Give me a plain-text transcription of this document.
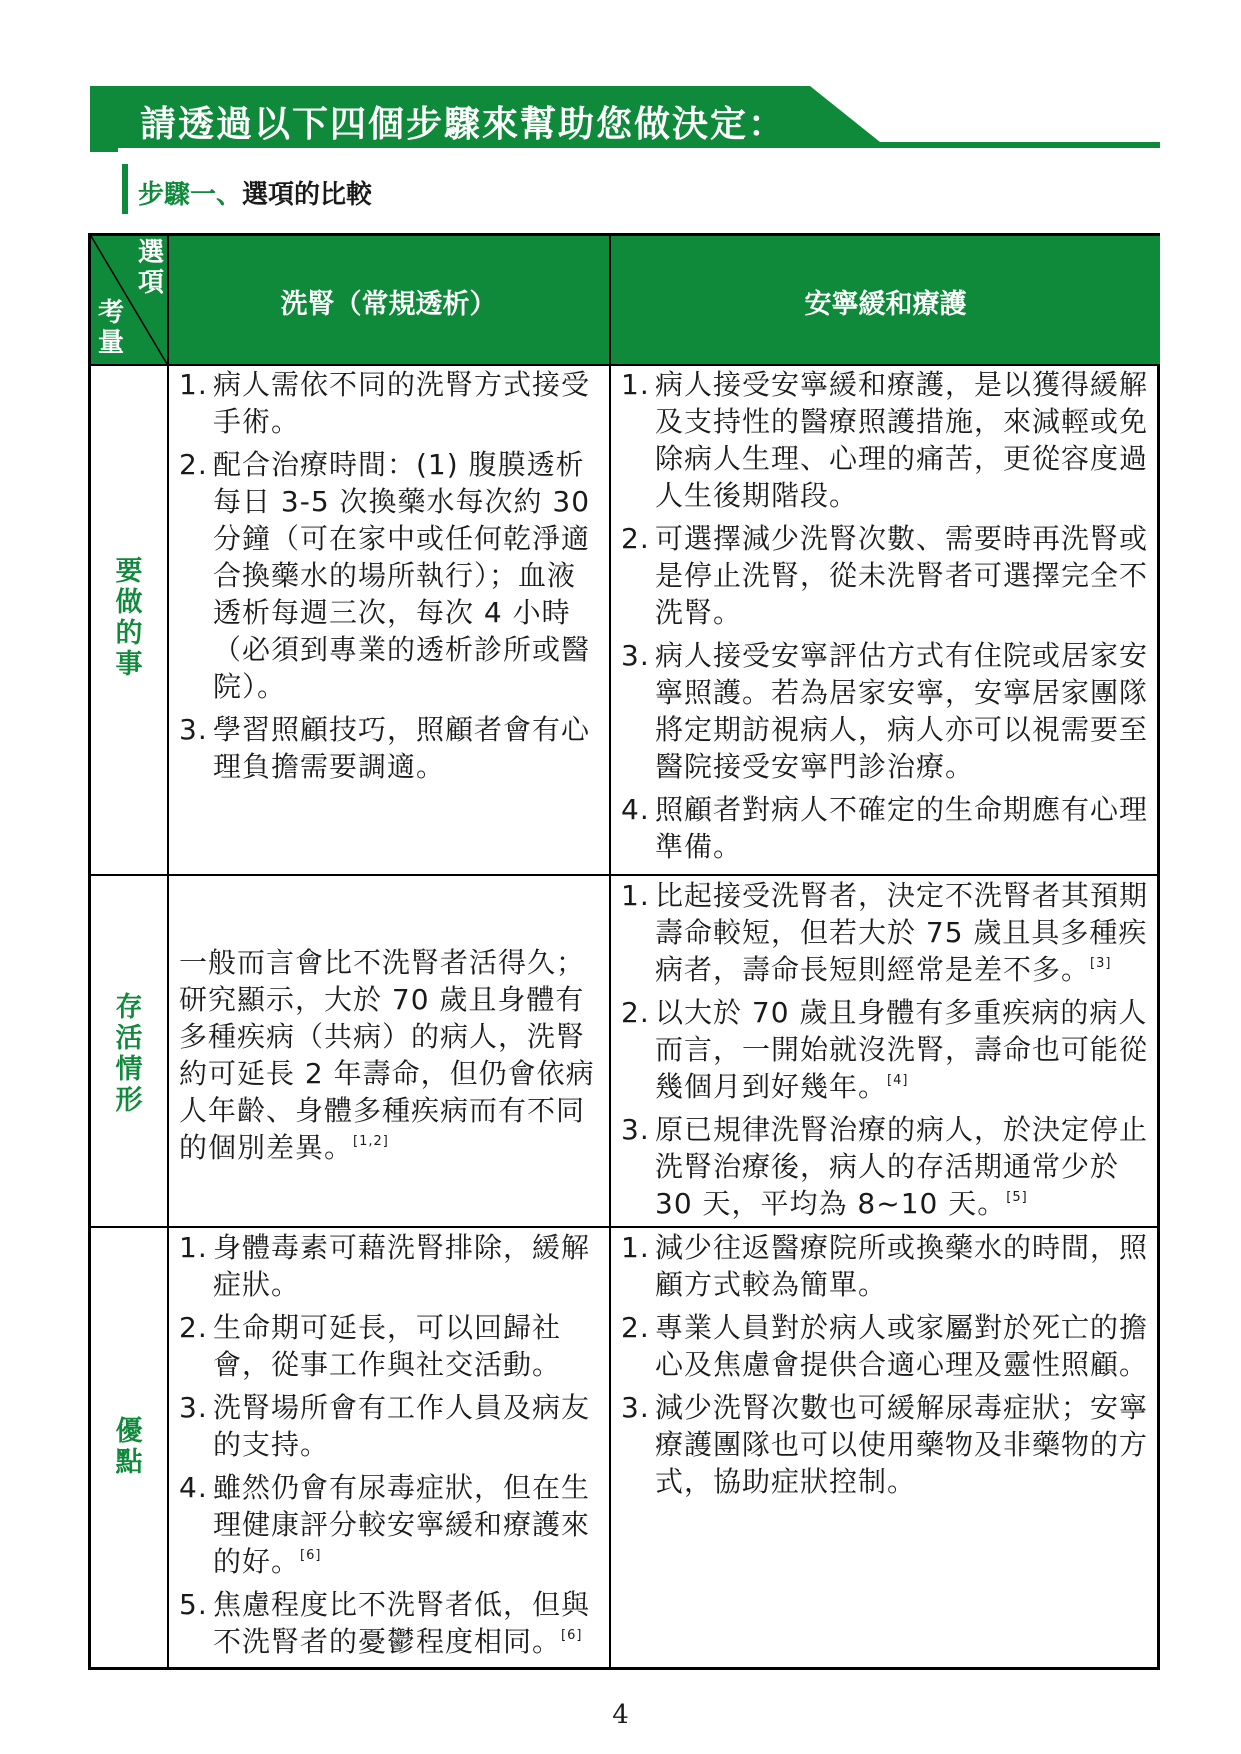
請透過以下四個步驟來幫助您做決定：
步驟一、選項的比較
選
項
考
量
洗腎（常規透析）	安寧緩和療護
要
做
的
事
1. 病人需依不同的洗腎方式接受手術。
2. 配合治療時間：(1) 腹膜透析每日 3-5 次換藥水每次約 30 分鐘（可在家中或任何乾淨適合換藥水的場所執行）；血液透析每週三次，每次 4 小時（必須到專業的透析診所或醫院）。
3. 學習照顧技巧，照顧者會有心理負擔需要調適。
1. 病人接受安寧緩和療護，是以獲得緩解及支持性的醫療照護措施，來減輕或免除病人生理、心理的痛苦，更從容度過人生後期階段。
2. 可選擇減少洗腎次數、需要時再洗腎或是停止洗腎，從未洗腎者可選擇完全不洗腎。
3. 病人接受安寧評估方式有住院或居家安寧照護。若為居家安寧，安寧居家團隊將定期訪視病人，病人亦可以視需要至醫院接受安寧門診治療。
4. 照顧者對病人不確定的生命期應有心理準備。
存
活
情
形

一般而言會比不洗腎者活得久；研究顯示，大於 70 歲且身體有多種疾病（共病）的病人，洗腎約可延長 2 年壽命，但仍會依病人年齡、身體多種疾病而有不同的個別差異。[1,2]

1. 比起接受洗腎者，決定不洗腎者其預期壽命較短，但若大於 75 歲且具多種疾病者，壽命長短則經常是差不多。[3]
2. 以大於 70 歲且身體有多重疾病的病人而言，一開始就沒洗腎，壽命也可能從幾個月到好幾年。[4]
3. 原已規律洗腎治療的病人，於決定停止洗腎治療後，病人的存活期通常少於 30 天，平均為 8~10 天。[5]
優
點
1. 身體毒素可藉洗腎排除，緩解症狀。
2. 生命期可延長，可以回歸社會，從事工作與社交活動。
3. 洗腎場所會有工作人員及病友的支持。
4. 雖然仍會有尿毒症狀，但在生理健康評分較安寧緩和療護來的好。[6]
5. 焦慮程度比不洗腎者低，但與不洗腎者的憂鬱程度相同。[6]
1. 減少往返醫療院所或換藥水的時間，照顧方式較為簡單。
2. 專業人員對於病人或家屬對於死亡的擔心及焦慮會提供合適心理及靈性照顧。
3. 減少洗腎次數也可緩解尿毒症狀；安寧療護團隊也可以使用藥物及非藥物的方式，協助症狀控制。
4
